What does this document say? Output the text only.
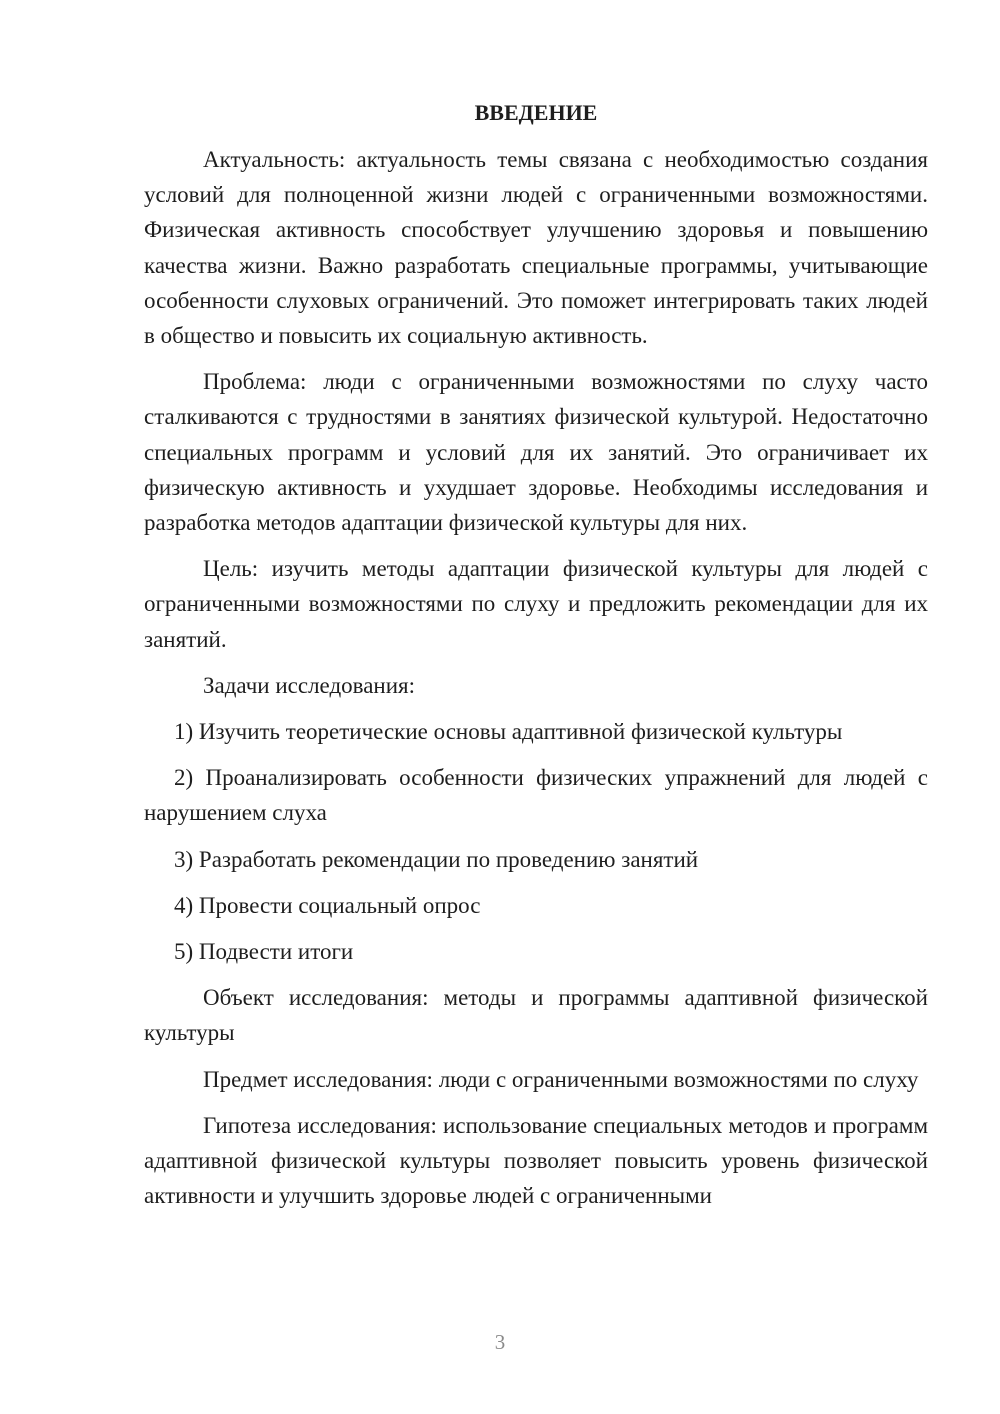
ВВЕДЕНИЕ

Актуальность: актуальность темы связана с необходимостью создания условий для полноценной жизни людей с ограниченными возможностями. Физическая активность способствует улучшению здоровья и повышению качества жизни. Важно разработать специальные программы, учитывающие особенности слуховых ограничений. Это поможет интегрировать таких людей в общество и повысить их социальную активность.

Проблема: люди с ограниченными возможностями по слуху часто сталкиваются с трудностями в занятиях физической культурой. Недостаточно специальных программ и условий для их занятий. Это ограничивает их физическую активность и ухудшает здоровье. Необходимы исследования и разработка методов адаптации физической культуры для них.

Цель: изучить методы адаптации физической культуры для людей с ограниченными возможностями по слуху и предложить рекомендации для их занятий.

Задачи исследования:

1) Изучить теоретические основы адаптивной физической культуры

2) Проанализировать особенности физических упражнений для людей с нарушением слуха

3) Разработать рекомендации по проведению занятий

4) Провести социальный опрос

5) Подвести итоги

Объект исследования: методы и программы адаптивной физической культуры

Предмет исследования: люди с ограниченными возможностями по слуху

Гипотеза исследования: использование специальных методов и программ адаптивной физической культуры позволяет повысить уровень физической активности и улучшить здоровье людей с ограниченными

3
